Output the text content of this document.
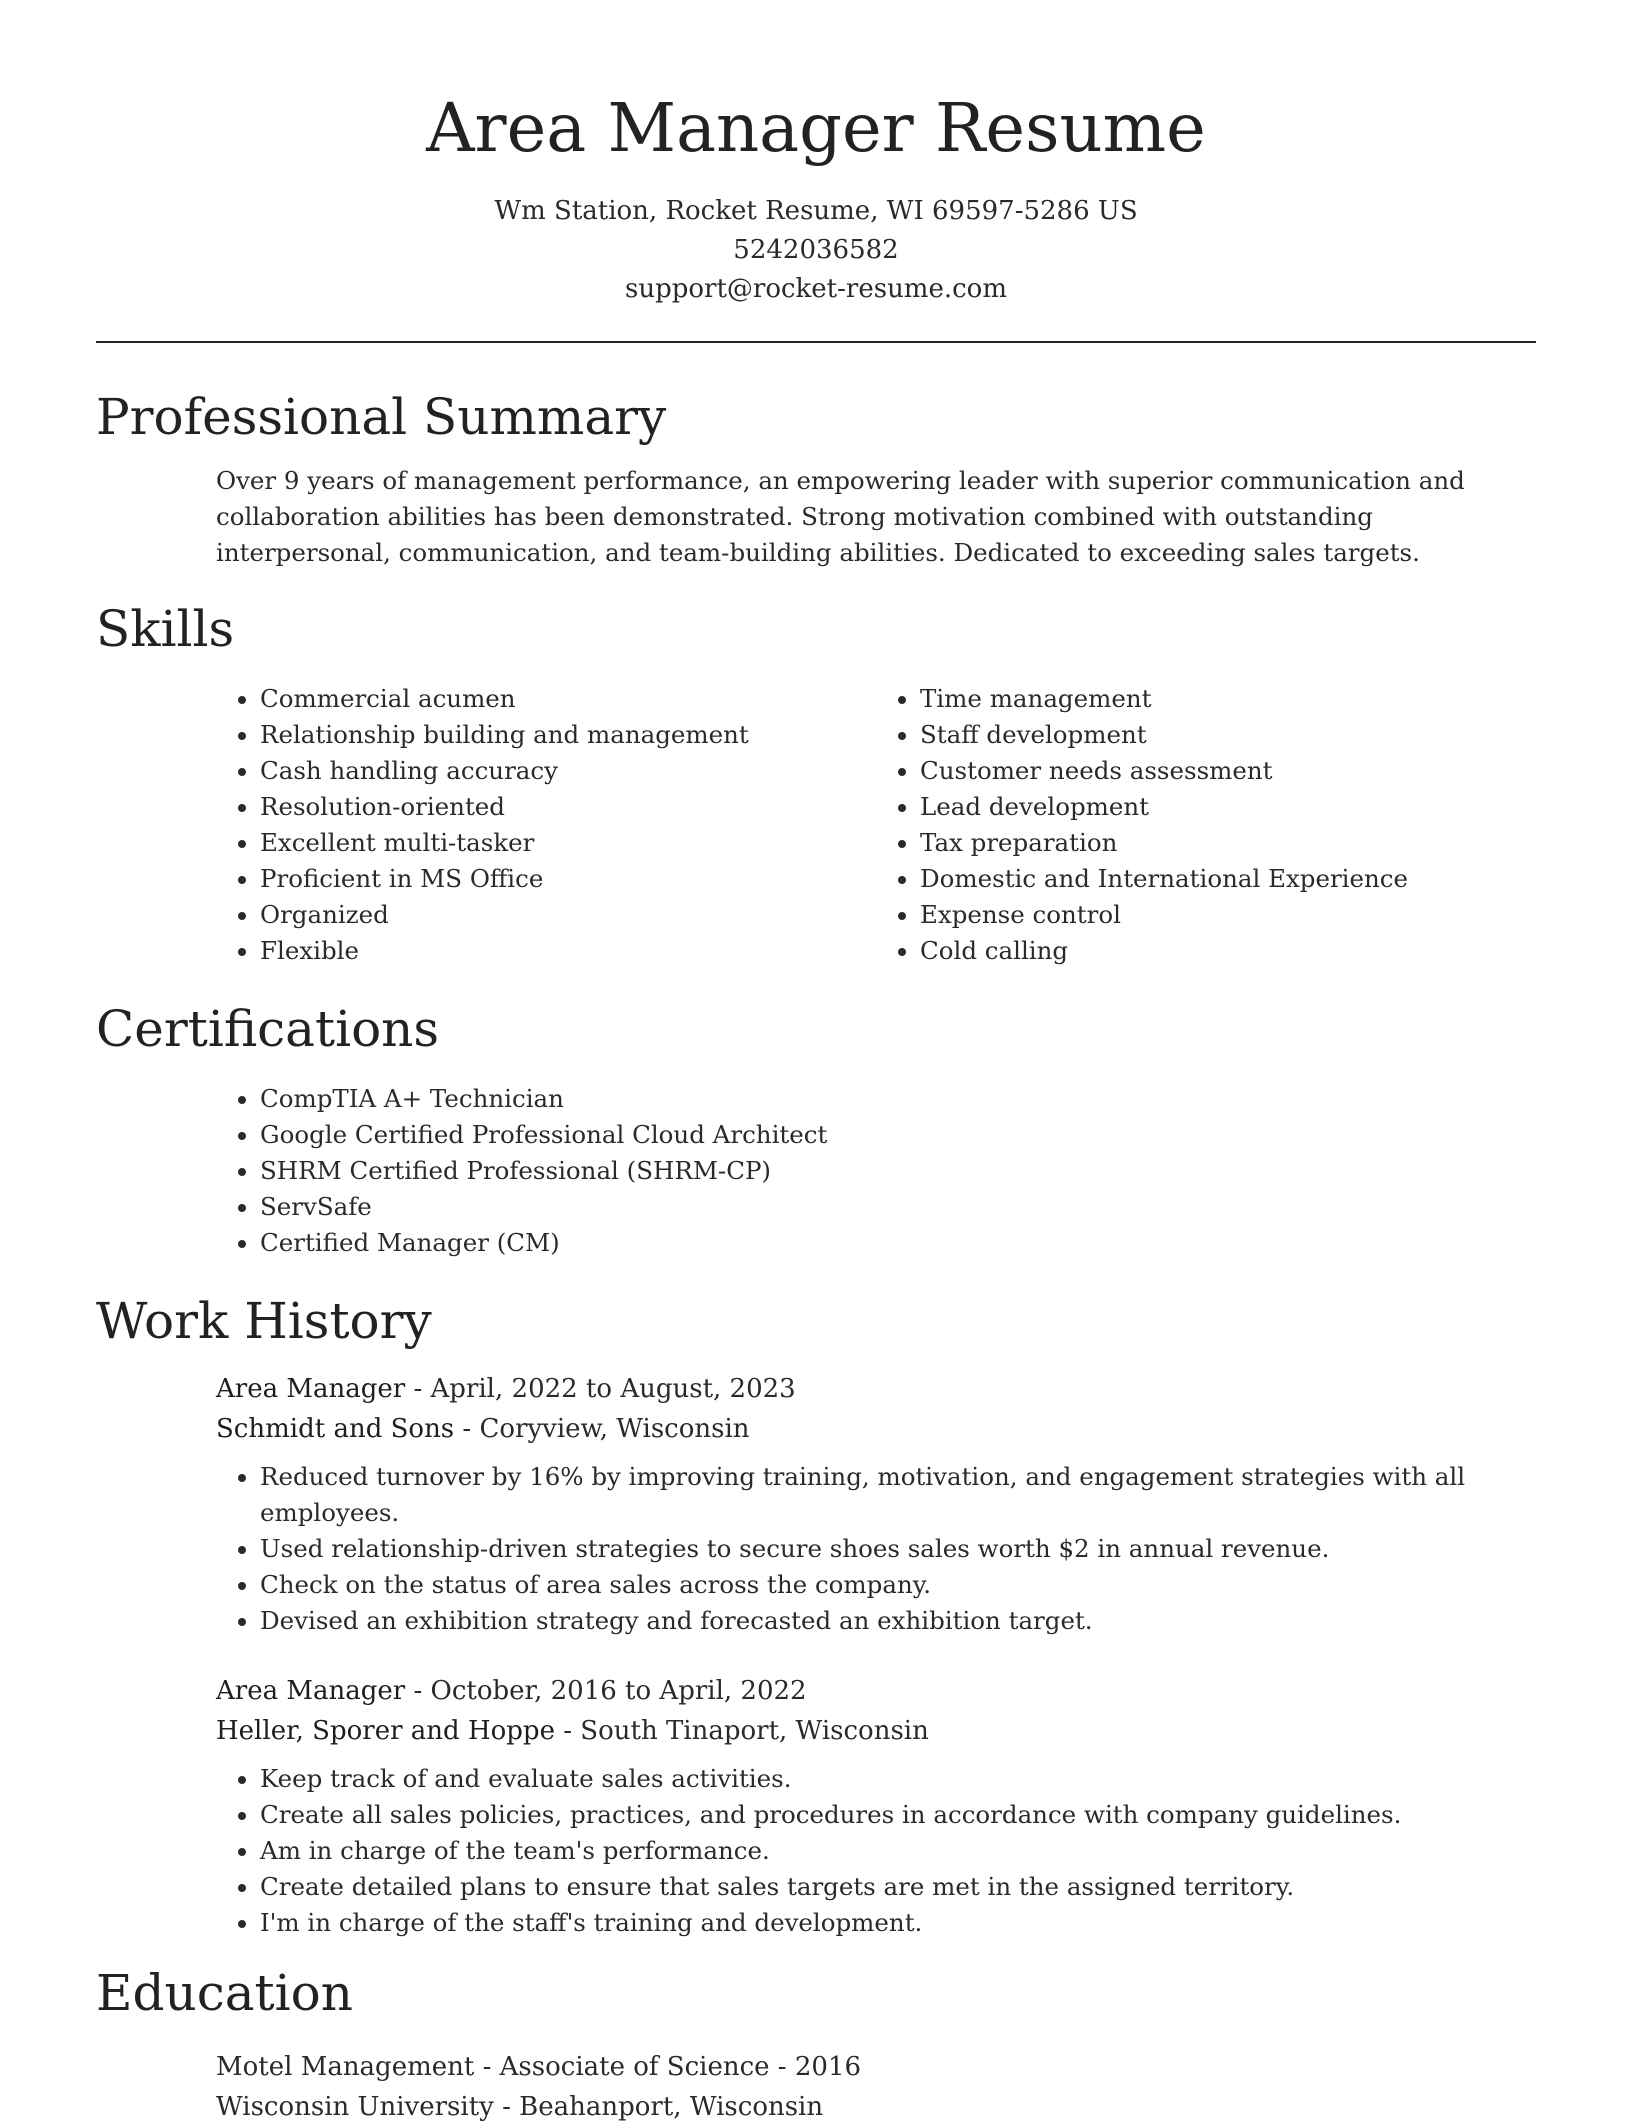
Area Manager Resume
Wm Station, Rocket Resume, WI 69597-5286 US
5242036582
support@rocket-resume.com
Professional Summary
Over 9 years of management performance, an empowering leader with superior communication and collaboration abilities has been demonstrated. Strong motivation combined with outstanding interpersonal, communication, and team-building abilities. Dedicated to exceeding sales targets.
Skills
• Commercial acumen
• Relationship building and management
• Cash handling accuracy
• Resolution-oriented
• Excellent multi-tasker
• Proficient in MS Office
• Organized
• Flexible
• Time management
• Staff development
• Customer needs assessment
• Lead development
• Tax preparation
• Domestic and International Experience
• Expense control
• Cold calling
Certifications
• CompTIA A+ Technician
• Google Certified Professional Cloud Architect
• SHRM Certified Professional (SHRM-CP)
• ServSafe
• Certified Manager (CM)
Work History
Area Manager - April, 2022 to August, 2023
Schmidt and Sons - Coryview, Wisconsin
• Reduced turnover by 16% by improving training, motivation, and engagement strategies with all employees.
• Used relationship-driven strategies to secure shoes sales worth $2 in annual revenue.
• Check on the status of area sales across the company.
• Devised an exhibition strategy and forecasted an exhibition target.
Area Manager - October, 2016 to April, 2022
Heller, Sporer and Hoppe - South Tinaport, Wisconsin
• Keep track of and evaluate sales activities.
• Create all sales policies, practices, and procedures in accordance with company guidelines.
• Am in charge of the team's performance.
• Create detailed plans to ensure that sales targets are met in the assigned territory.
• I'm in charge of the staff's training and development.
Education
Motel Management - Associate of Science - 2016
Wisconsin University - Beahanport, Wisconsin
